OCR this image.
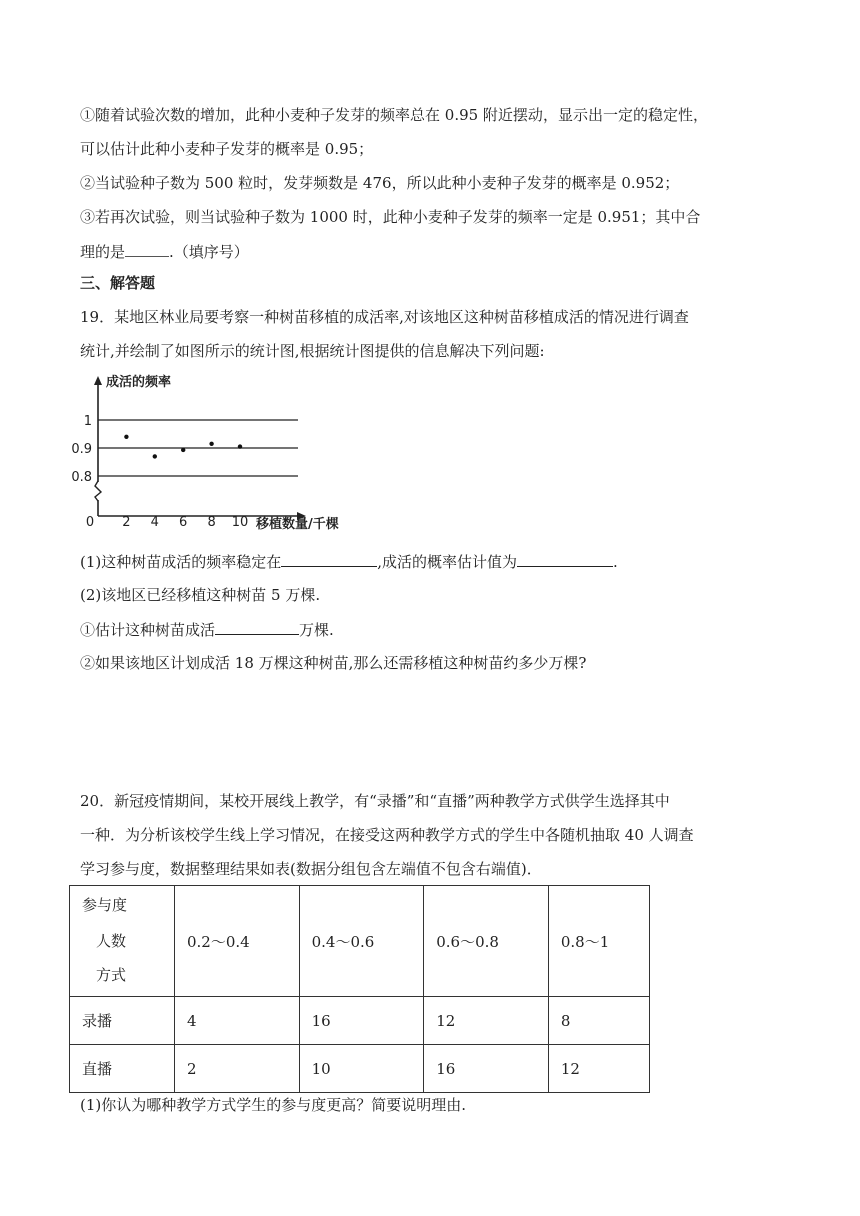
①随着试验次数的增加，此种小麦种子发芽的频率总在 0.95 附近摆动，显示出一定的稳定性，
可以估计此种小麦种子发芽的概率是 0.95；
②当试验种子数为 500 粒时，发芽频数是 476，所以此种小麦种子发芽的概率是 0.952；
③若再次试验，则当试验种子数为 1000 时，此种小麦种子发芽的频率一定是 0.951；其中合
理的是	.（填序号）
三、解答题
19．某地区林业局要考察一种树苗移植的成活率,对该地区这种树苗移植成活的情况进行调查
统计,并绘制了如图所示的统计图,根据统计图提供的信息解决下列问题:
1
0.9
0.8
0 2 4 6 8 10
成活的频率
移植数量/千棵
(1)这种树苗成活的频率稳定在	,成活的概率估计值为	.
(2)该地区已经移植这种树苗 5 万棵.
①估计这种树苗成活	万棵.
②如果该地区计划成活 18 万棵这种树苗,那么还需移植这种树苗约多少万棵?
20．新冠疫情期间，某校开展线上教学，有“录播”和“直播”两种教学方式供学生选择其中
一种．为分析该校学生线上学习情况，在接受这两种教学方式的学生中各随机抽取 40 人调查
学习参与度，数据整理结果如表(数据分组包含左端值不包含右端值)．
参与度
人数
方式	0.2～0.4	0.4～0.6	0.6～0.8	0.8～1
录播	4	16	12	8
直播	2	10	16	12
(1)你认为哪种教学方式学生的参与度更高？简要说明理由.
